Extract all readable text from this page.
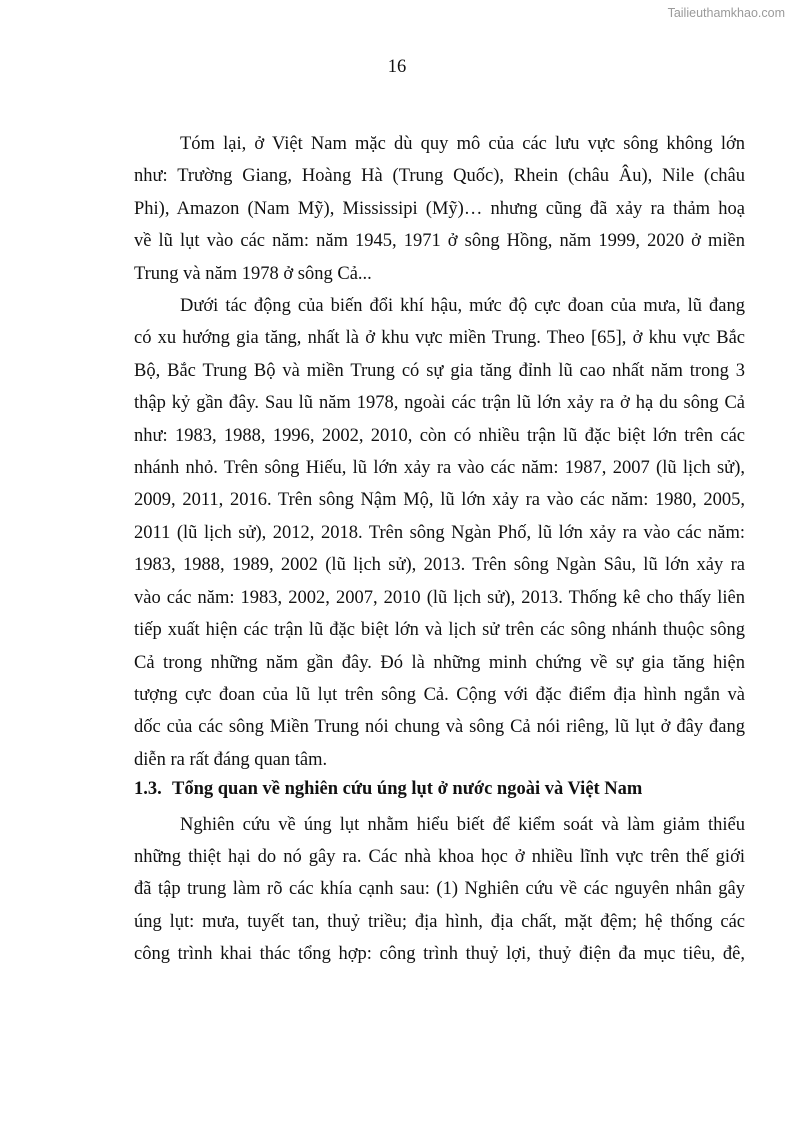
Tailieuthamkhao.com
16
Tóm lại, ở Việt Nam mặc dù quy mô của các lưu vực sông không lớn
như: Trường Giang, Hoàng Hà (Trung Quốc), Rhein (châu Âu), Nile (châu
Phi), Amazon (Nam Mỹ), Mississipi (Mỹ)… nhưng cũng đã xảy ra thảm hoạ
về lũ lụt vào các năm: năm 1945, 1971 ở sông Hồng, năm 1999, 2020 ở miền
Trung và năm 1978 ở sông Cả...
Dưới tác động của biến đổi khí hậu, mức độ cực đoan của mưa, lũ đang
có xu hướng gia tăng, nhất là ở khu vực miền Trung. Theo [65], ở khu vực Bắc
Bộ, Bắc Trung Bộ và miền Trung có sự gia tăng đỉnh lũ cao nhất năm trong 3
thập kỷ gần đây. Sau lũ năm 1978, ngoài các trận lũ lớn xảy ra ở hạ du sông Cả
như: 1983, 1988, 1996, 2002, 2010, còn có nhiều trận lũ đặc biệt lớn trên các
nhánh nhỏ. Trên sông Hiếu, lũ lớn xảy ra vào các năm: 1987, 2007 (lũ lịch sử),
2009, 2011, 2016. Trên sông Nậm Mộ, lũ lớn xảy ra vào các năm: 1980, 2005,
2011 (lũ lịch sử), 2012, 2018. Trên sông Ngàn Phố, lũ lớn xảy ra vào các năm:
1983, 1988, 1989, 2002 (lũ lịch sử), 2013. Trên sông Ngàn Sâu, lũ lớn xảy ra
vào các năm: 1983, 2002, 2007, 2010 (lũ lịch sử), 2013. Thống kê cho thấy liên
tiếp xuất hiện các trận lũ đặc biệt lớn và lịch sử trên các sông nhánh thuộc sông
Cả trong những năm gần đây. Đó là những minh chứng về sự gia tăng hiện
tượng cực đoan của lũ lụt trên sông Cả. Cộng với đặc điểm địa hình ngắn và
dốc của các sông Miền Trung nói chung và sông Cả nói riêng, lũ lụt ở đây đang
diễn ra rất đáng quan tâm.
1.3. Tổng quan về nghiên cứu úng lụt ở nước ngoài và Việt Nam
Nghiên cứu về úng lụt nhằm hiểu biết để kiểm soát và làm giảm thiểu
những thiệt hại do nó gây ra. Các nhà khoa học ở nhiều lĩnh vực trên thế giới
đã tập trung làm rõ các khía cạnh sau: (1) Nghiên cứu về các nguyên nhân gây
úng lụt: mưa, tuyết tan, thuỷ triều; địa hình, địa chất, mặt đệm; hệ thống các
công trình khai thác tổng hợp: công trình thuỷ lợi, thuỷ điện đa mục tiêu, đê,
